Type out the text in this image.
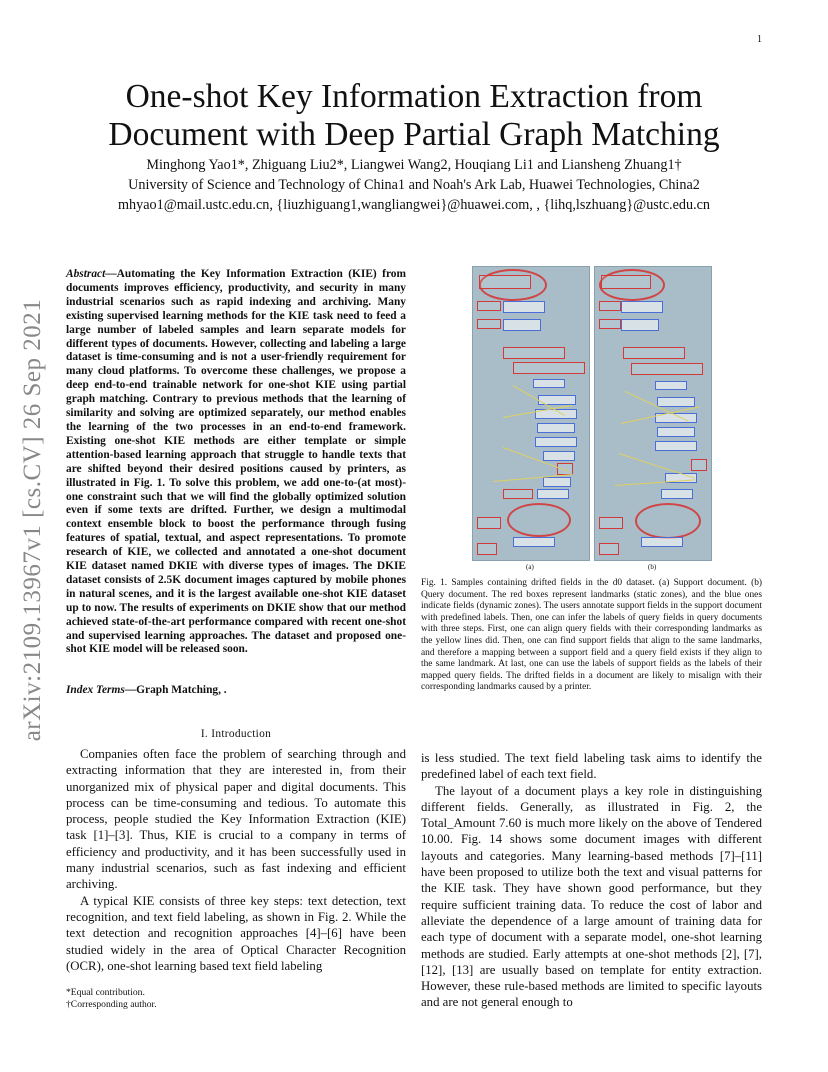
1
arXiv:2109.13967v1 [cs.CV] 26 Sep 2021
One-shot Key Information Extraction from Document with Deep Partial Graph Matching
Minghong Yao1*, Zhiguang Liu2*, Liangwei Wang2, Houqiang Li1 and Liansheng Zhuang1†
University of Science and Technology of China1 and Noah's Ark Lab, Huawei Technologies, China2
mhyao1@mail.ustc.edu.cn, {liuzhiguang1,wangliangwei}@huawei.com, , {lihq,lszhuang}@ustc.edu.cn
Abstract—Automating the Key Information Extraction (KIE) from documents improves efficiency, productivity, and security in many industrial scenarios such as rapid indexing and archiving. Many existing supervised learning methods for the KIE task need to feed a large number of labeled samples and learn separate models for different types of documents. However, collecting and labeling a large dataset is time-consuming and is not a user-friendly requirement for many cloud platforms. To overcome these challenges, we propose a deep end-to-end trainable network for one-shot KIE using partial graph matching. Contrary to previous methods that the learning of similarity and solving are optimized separately, our method enables the learning of the two processes in an end-to-end framework. Existing one-shot KIE methods are either template or simple attention-based learning approach that struggle to handle texts that are shifted beyond their desired positions caused by printers, as illustrated in Fig. 1. To solve this problem, we add one-to-(at most)-one constraint such that we will find the globally optimized solution even if some texts are drifted. Further, we design a multimodal context ensemble block to boost the performance through fusing features of spatial, textual, and aspect representations. To promote research of KIE, we collected and annotated a one-shot document KIE dataset named DKIE with diverse types of images. The DKIE dataset consists of 2.5K document images captured by mobile phones in natural scenes, and it is the largest available one-shot KIE dataset up to now. The results of experiments on DKIE show that our method achieved state-of-the-art performance compared with recent one-shot and supervised learning approaches. The dataset and proposed one-shot KIE model will be released soon.
Index Terms—Graph Matching, .
I. Introduction

Companies often face the problem of searching through and extracting information that they are interested in, from their unorganized mix of physical paper and digital documents. This process can be time-consuming and tedious. To automate this process, people studied the Key Information Extraction (KIE) task [1]–[3]. Thus, KIE is crucial to a company in terms of efficiency and productivity, and it has been successfully used in many industrial scenarios, such as fast indexing and efficient archiving.

A typical KIE consists of three key steps: text detection, text recognition, and text field labeling, as shown in Fig. 2. While the text detection and recognition approaches [4]–[6] have been studied widely in the area of Optical Character Recognition (OCR), one-shot learning based text field labeling

*Equal contribution.
†Corresponding author.
(a)	(b)
Fig. 1. Samples containing drifted fields in the d0 dataset. (a) Support document. (b) Query document. The red boxes represent landmarks (static zones), and the blue ones indicate fields (dynamic zones). The users annotate support fields in the support document with predefined labels. Then, one can infer the labels of query fields in query documents with three steps. First, one can align query fields with their corresponding landmarks as the yellow lines did. Then, one can find support fields that align to the same landmarks, and therefore a mapping between a support field and a query field exists if they align to the same landmark. At last, one can use the labels of support fields as the labels of their mapped query fields. The drifted fields in a document are likely to misalign with their corresponding landmarks caused by a printer.

is less studied. The text field labeling task aims to identify the predefined label of each text field.

The layout of a document plays a key role in distinguishing different fields. Generally, as illustrated in Fig. 2, the Total_Amount 7.60 is much more likely on the above of Tendered 10.00. Fig. 14 shows some document images with different layouts and categories. Many learning-based methods [7]–[11] have been proposed to utilize both the text and visual patterns for the KIE task. They have shown good performance, but they require sufficient training data. To reduce the cost of labor and alleviate the dependence of a large amount of training data for each type of document with a separate model, one-shot learning methods are studied. Early attempts at one-shot methods [2], [7], [12], [13] are usually based on template for entity extraction. However, these rule-based methods are limited to specific layouts and are not general enough to
